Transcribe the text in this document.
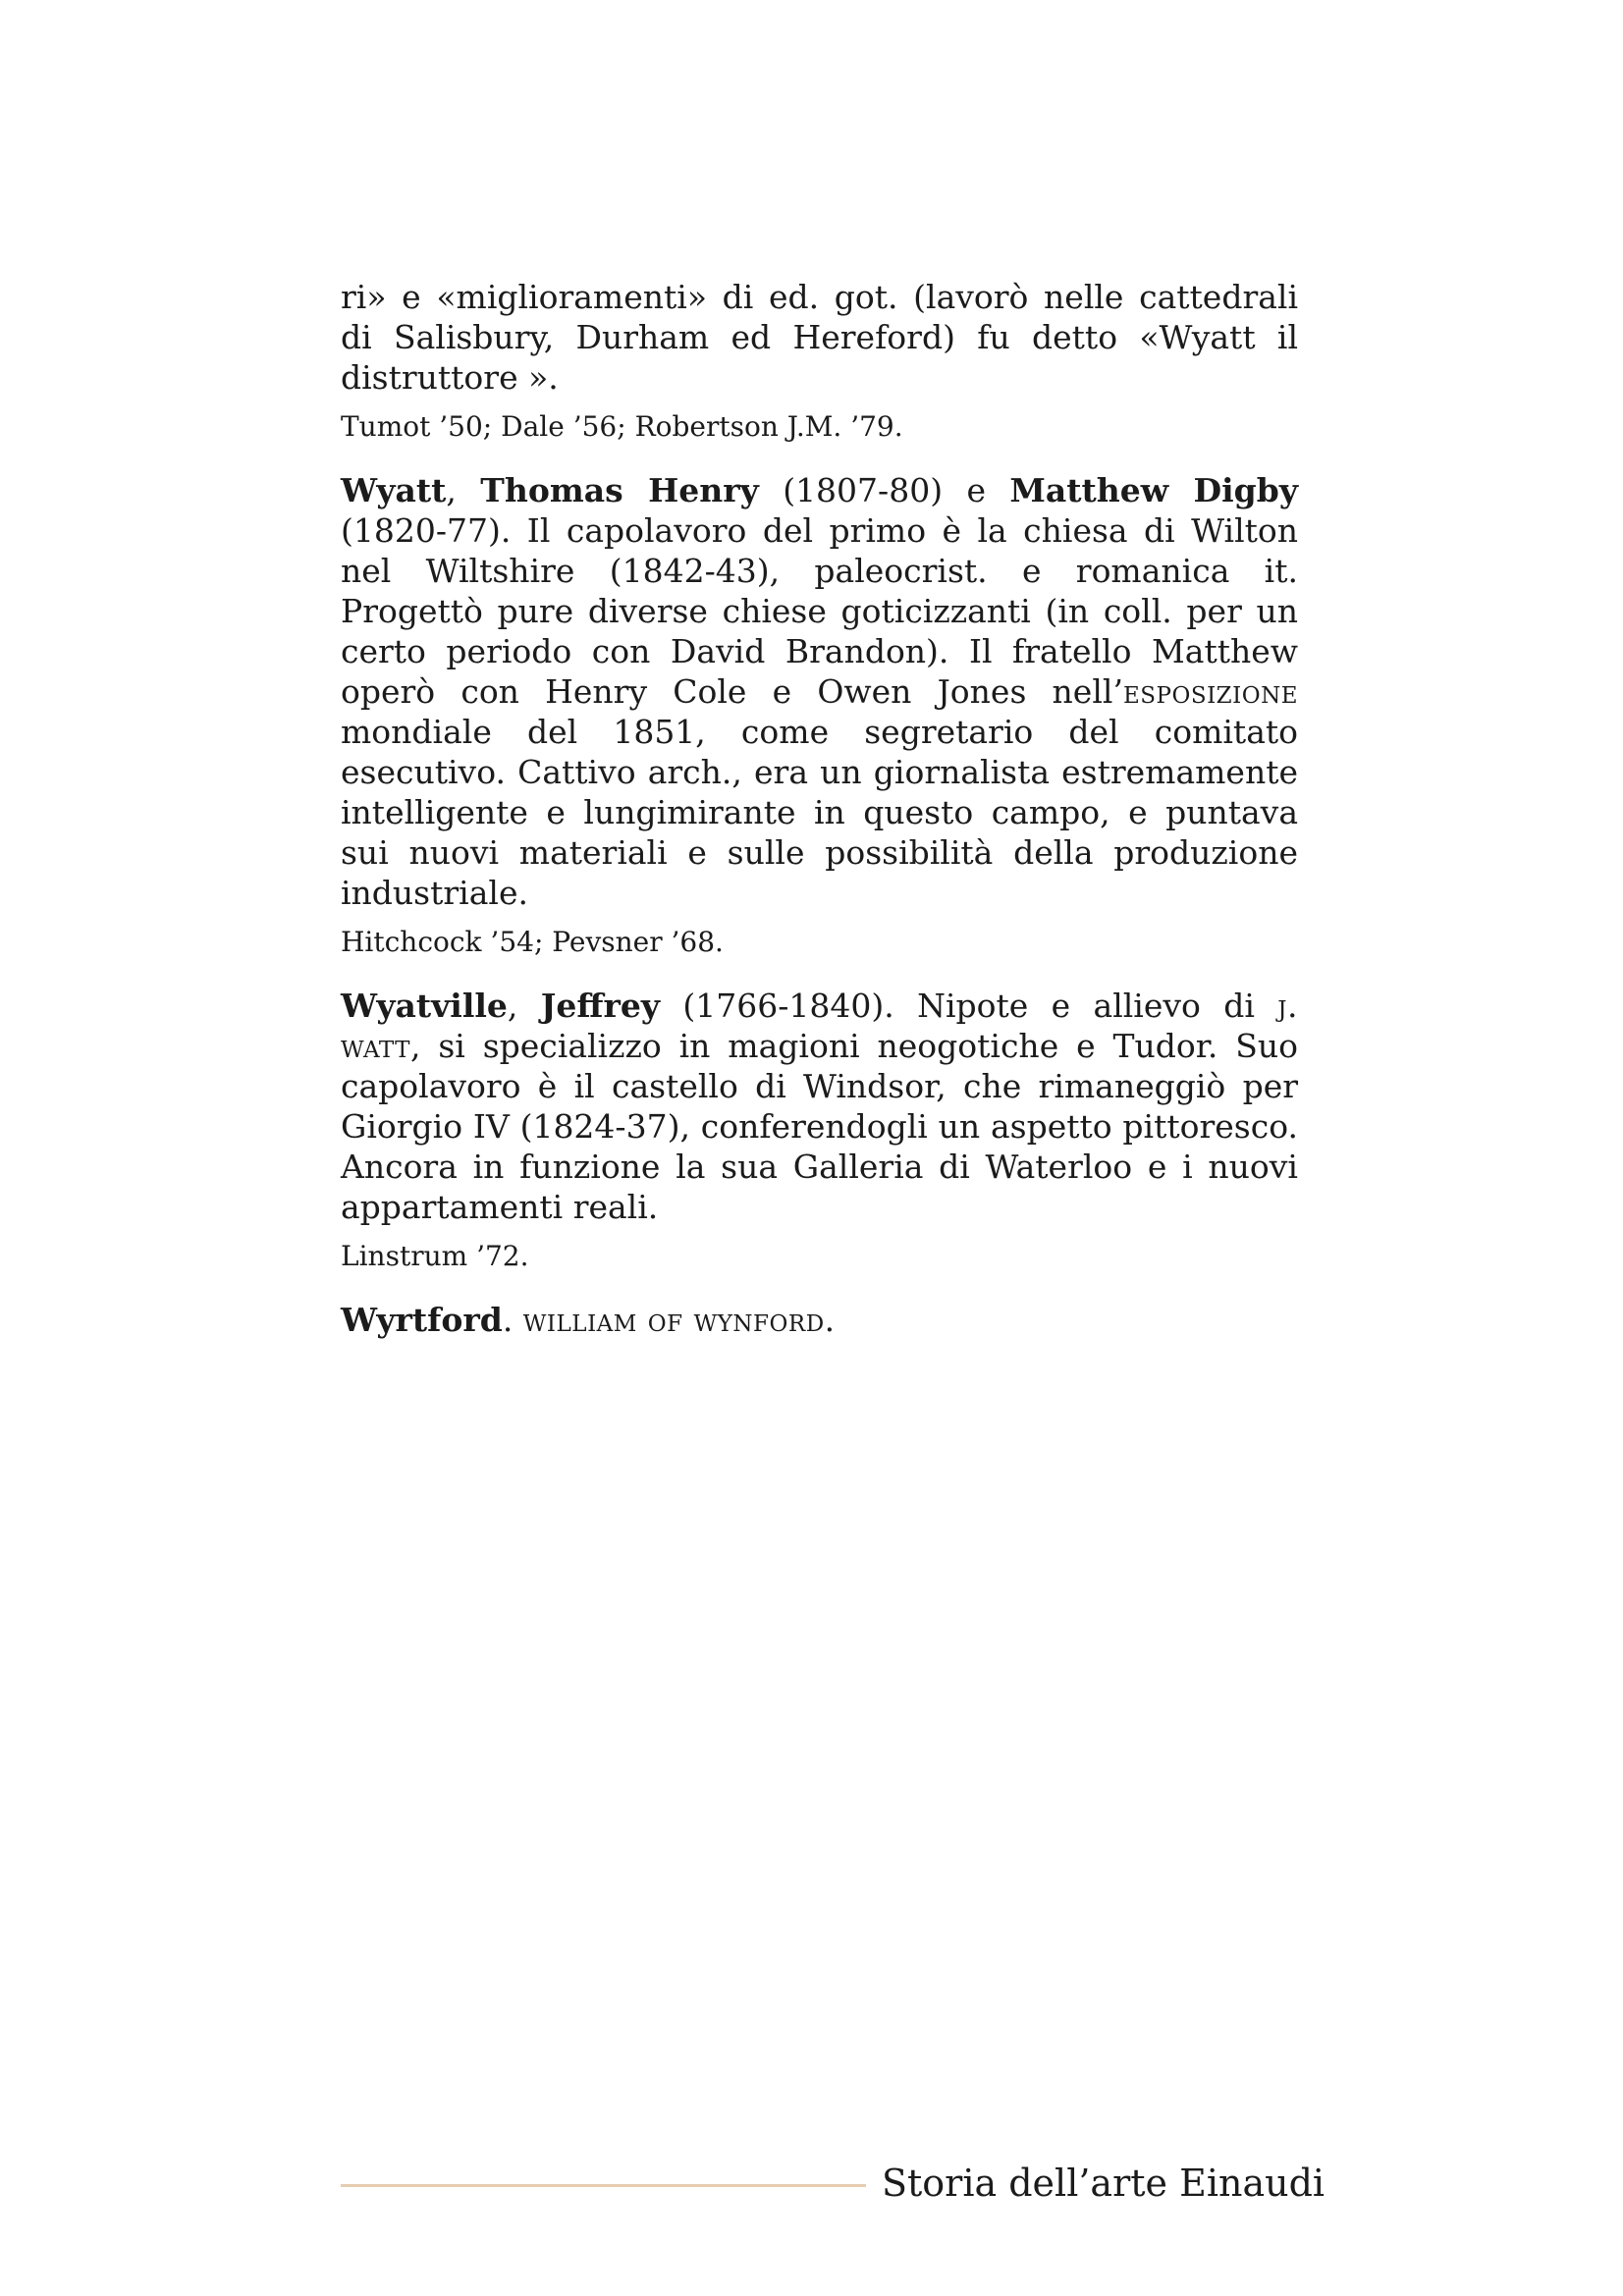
ri» e «miglioramenti» di ed. got. (lavorò nelle cattedrali di Salisbury, Durham ed Hereford) fu detto «Wyatt il distruttore ».

Tumot ’50; Dale ’56; Robertson J.M. ’79.

Wyatt, Thomas Henry (1807-80) e Matthew Digby (1820-77). Il capolavoro del primo è la chiesa di Wilton nel Wiltshire (1842-43), paleocrist. e romanica it. Progettò pure diverse chiese goticizzanti (in coll. per un certo periodo con David Brandon). Il fratello Matthew operò con Henry Cole e Owen Jones nell’esposizione mondiale del 1851, come segretario del comitato esecutivo. Cattivo arch., era un giornalista estremamente intelligente e lungimirante in questo campo, e puntava sui nuovi materiali e sulle possibilità della produzione industriale.

Hitchcock ’54; Pevsner ’68.

Wyatville, Jeffrey (1766-1840). Nipote e allievo di j. watt, si specializzo in magioni neogotiche e Tudor. Suo capolavoro è il castello di Windsor, che rimaneggiò per Giorgio IV (1824-37), conferendogli un aspetto pittoresco. Ancora in funzione la sua Galleria di Waterloo e i nuovi appartamenti reali.

Linstrum ’72.

Wyrtford. william of wynford.

Storia dell’arte Einaudi
